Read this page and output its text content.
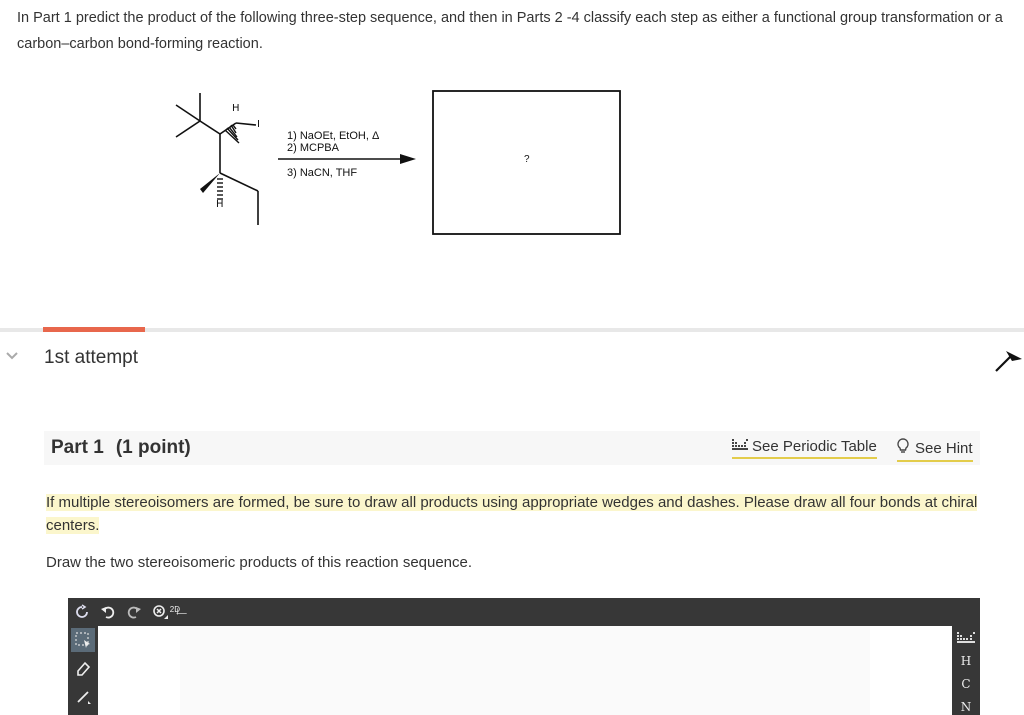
In Part 1 predict the product of the following three-step sequence, and then in Parts 2 -4 classify each step as either a functional group transformation or a carbon–carbon bond-forming reaction.
H
I
H
1) NaOEt, EtOH, Δ
2) MCPBA
3) NaCN, THF
?
1st attempt
Part 1 (1 point)	See Periodic Table	See Hint
If multiple stereoisomers are formed, be sure to draw all products using appropriate wedges and dashes. Please draw all four bonds at chiral centers.
Draw the two stereoisomeric products of this reaction sequence.
2D
H
C
N
